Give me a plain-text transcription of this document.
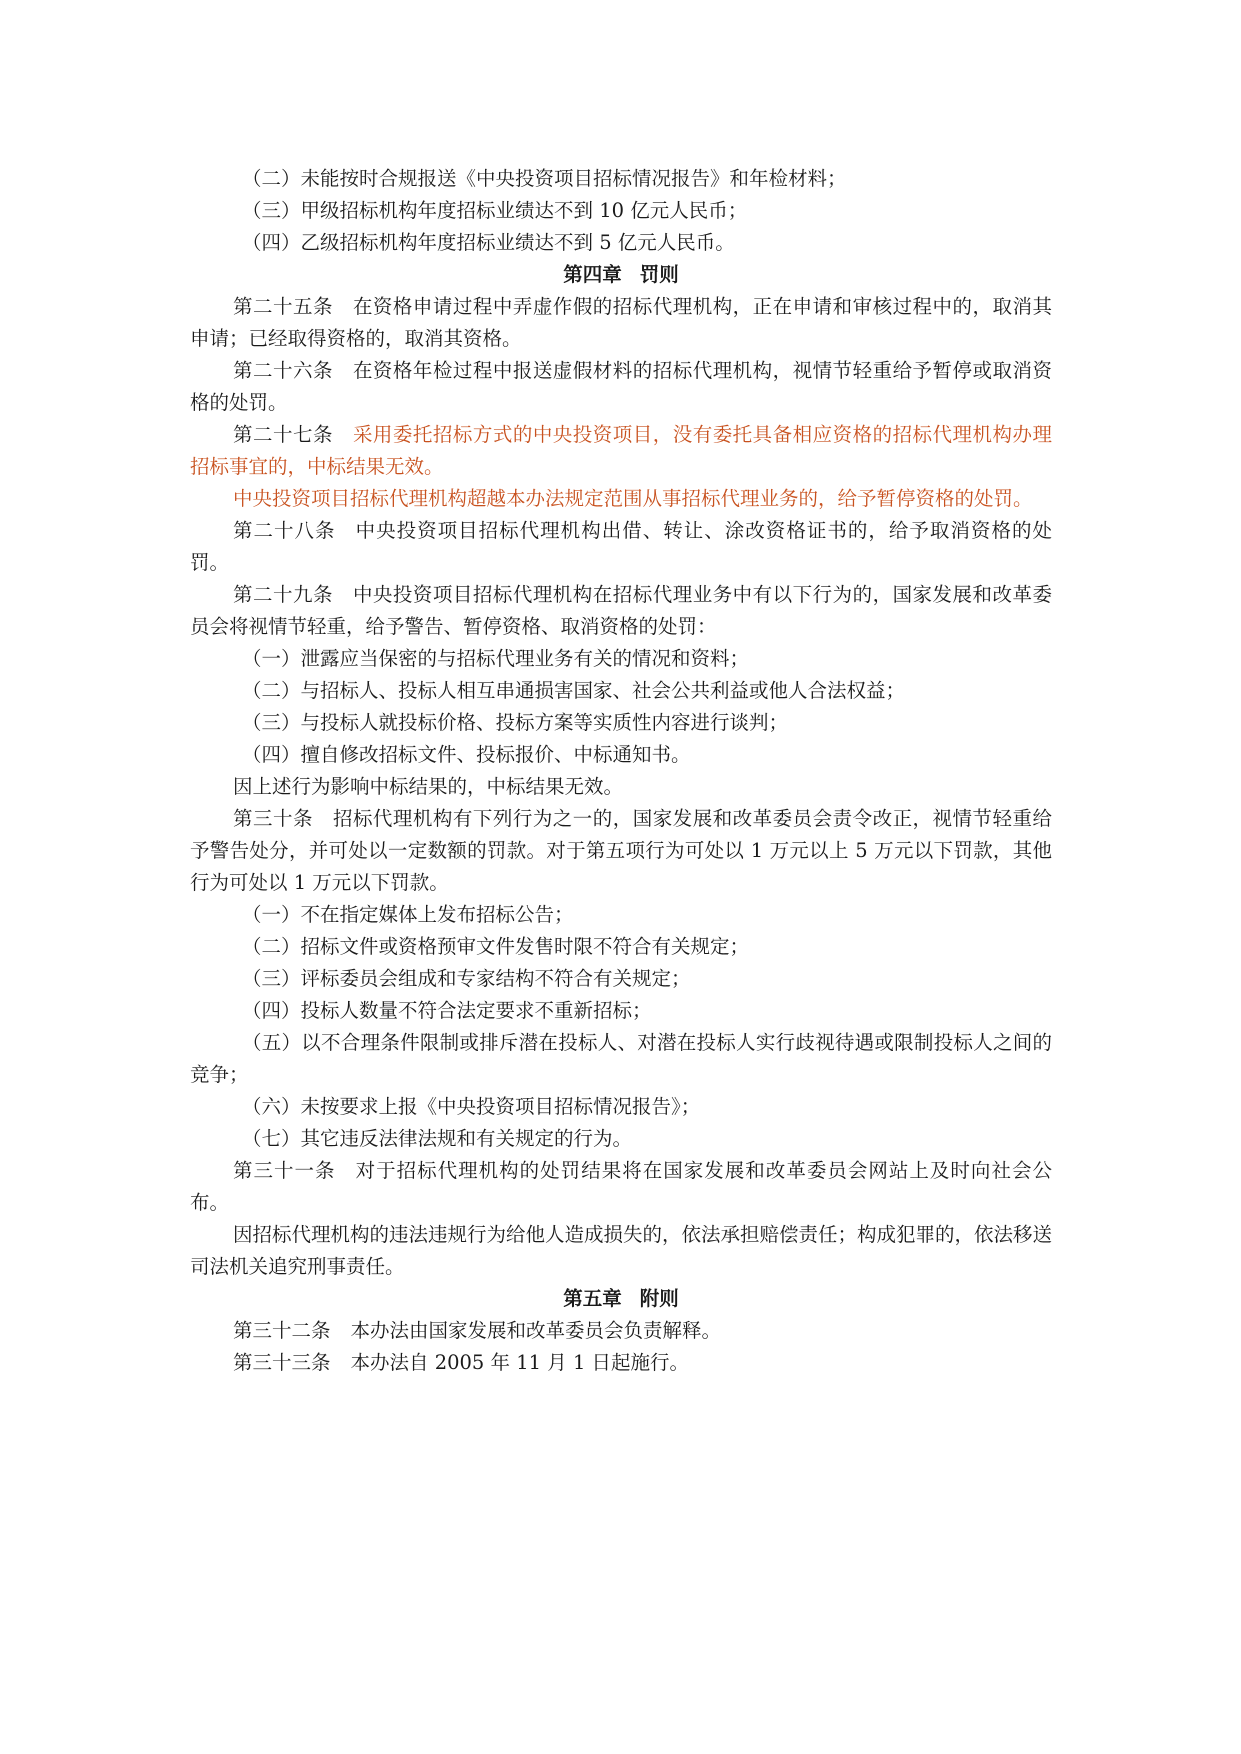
（二）未能按时合规报送《中央投资项目招标情况报告》和年检材料；

（三）甲级招标机构年度招标业绩达不到 10 亿元人民币；

（四）乙级招标机构年度招标业绩达不到 5 亿元人民币。

第四章 罚则

第二十五条 在资格申请过程中弄虚作假的招标代理机构，正在申请和审核过程中的，取消其申请；已经取得资格的，取消其资格。

第二十六条 在资格年检过程中报送虚假材料的招标代理机构，视情节轻重给予暂停或取消资格的处罚。

第二十七条 采用委托招标方式的中央投资项目，没有委托具备相应资格的招标代理机构办理招标事宜的，中标结果无效。

中央投资项目招标代理机构超越本办法规定范围从事招标代理业务的，给予暂停资格的处罚。

第二十八条 中央投资项目招标代理机构出借、转让、涂改资格证书的，给予取消资格的处罚。

第二十九条 中央投资项目招标代理机构在招标代理业务中有以下行为的，国家发展和改革委员会将视情节轻重，给予警告、暂停资格、取消资格的处罚：

（一）泄露应当保密的与招标代理业务有关的情况和资料；

（二）与招标人、投标人相互串通损害国家、社会公共利益或他人合法权益；

（三）与投标人就投标价格、投标方案等实质性内容进行谈判；

（四）擅自修改招标文件、投标报价、中标通知书。

因上述行为影响中标结果的，中标结果无效。

第三十条 招标代理机构有下列行为之一的，国家发展和改革委员会责令改正，视情节轻重给予警告处分，并可处以一定数额的罚款。对于第五项行为可处以 1 万元以上 5 万元以下罚款，其他行为可处以 1 万元以下罚款。

（一）不在指定媒体上发布招标公告；

（二）招标文件或资格预审文件发售时限不符合有关规定；

（三）评标委员会组成和专家结构不符合有关规定；

（四）投标人数量不符合法定要求不重新招标；

（五）以不合理条件限制或排斥潜在投标人、对潜在投标人实行歧视待遇或限制投标人之间的竞争；

（六）未按要求上报《中央投资项目招标情况报告》；

（七）其它违反法律法规和有关规定的行为。

第三十一条 对于招标代理机构的处罚结果将在国家发展和改革委员会网站上及时向社会公布。

因招标代理机构的违法违规行为给他人造成损失的，依法承担赔偿责任；构成犯罪的，依法移送司法机关追究刑事责任。

第五章 附则

第三十二条 本办法由国家发展和改革委员会负责解释。

第三十三条 本办法自 2005 年 11 月 1 日起施行。
